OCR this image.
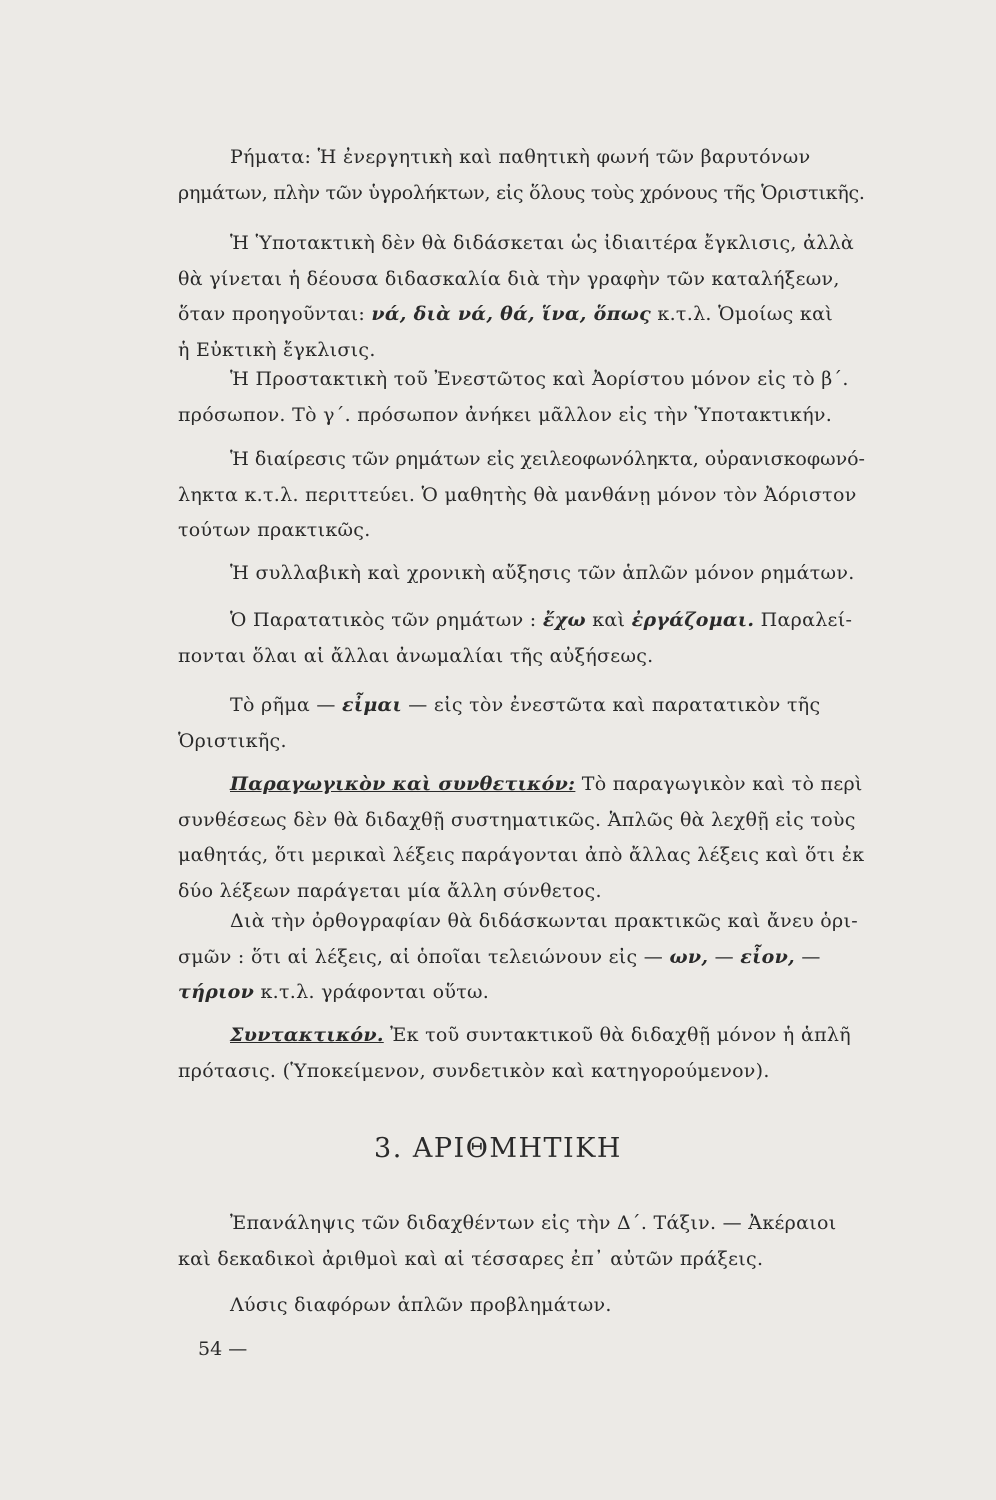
Ρήματα: Ἡ ἐνεργητικὴ καὶ παθητικὴ φωνή τῶν βαρυτόνων
ρημάτων, πλὴν τῶν ὑγρολήκτων, εἰς ὅλους τοὺς χρόνους τῆς Ὁριστικῆς.
Ἡ Ὑποτακτικὴ δὲν θὰ διδάσκεται ὡς ἰδιαιτέρα ἔγκλισις, ἀλλὰ
θὰ γίνεται ἡ δέουσα διδασκαλία διὰ τὴν γραφὴν τῶν καταλήξεων,
ὅταν προηγοῦνται: νά, διὰ νά, θά, ἵνα, ὅπως κ.τ.λ. Ὁμοίως καὶ
ἡ Εὐκτικὴ ἔγκλισις.
Ἡ Προστακτικὴ τοῦ Ἐνεστῶτος καὶ Ἀορίστου μόνον εἰς τὸ β΄.
πρόσωπον. Τὸ γ΄. πρόσωπον ἀνήκει μᾶλλον εἰς τὴν Ὑποτακτικήν.
Ἡ διαίρεσις τῶν ρημάτων εἰς χειλεοφωνόληκτα, οὐρανισκοφωνό-
ληκτα κ.τ.λ. περιττεύει. Ὁ μαθητὴς θὰ μανθάνῃ μόνον τὸν Ἀόριστον
τούτων πρακτικῶς.
Ἡ συλλαβικὴ καὶ χρονικὴ αὔξησις τῶν ἁπλῶν μόνον ρημάτων.
Ὁ Παρατατικὸς τῶν ρημάτων : ἔχω καὶ ἐργάζομαι. Παραλεί-
πονται ὅλαι αἱ ἄλλαι ἀνωμαλίαι τῆς αὐξήσεως.
Τὸ ρῆμα — εἶμαι — εἰς τὸν ἐνεστῶτα καὶ παρατατικὸν τῆς
Ὁριστικῆς.
Παραγωγικὸν καὶ συνθετικόν: Τὸ παραγωγικὸν καὶ τὸ περὶ
συνθέσεως δὲν θὰ διδαχθῇ συστηματικῶς. Ἁπλῶς θὰ λεχθῇ εἰς τοὺς
μαθητάς, ὅτι μερικαὶ λέξεις παράγονται ἀπὸ ἄλλας λέξεις καὶ ὅτι ἐκ
δύο λέξεων παράγεται μία ἄλλη σύνθετος.
Διὰ τὴν ὀρθογραφίαν θὰ διδάσκωνται πρακτικῶς καὶ ἄνευ ὁρι-
σμῶν : ὅτι αἱ λέξεις, αἱ ὁποῖαι τελειώνουν εἰς — ων, — εἶον, —
τήριον κ.τ.λ. γράφονται οὕτω.
Συντακτικόν. Ἐκ τοῦ συντακτικοῦ θὰ διδαχθῇ μόνον ἡ ἁπλῆ
πρότασις. (Ὑποκείμενον, συνδετικὸν καὶ κατηγορούμενον).
3. ΑΡΙΘΜΗΤΙΚΗ
Ἐπανάληψις τῶν διδαχθέντων εἰς τὴν Δ΄. Τάξιν. — Ἀκέραιοι
καὶ δεκαδικοὶ ἀριθμοὶ καὶ αἱ τέσσαρες ἐπ᾽ αὐτῶν πράξεις.
Λύσις διαφόρων ἁπλῶν προβλημάτων.

54 —
